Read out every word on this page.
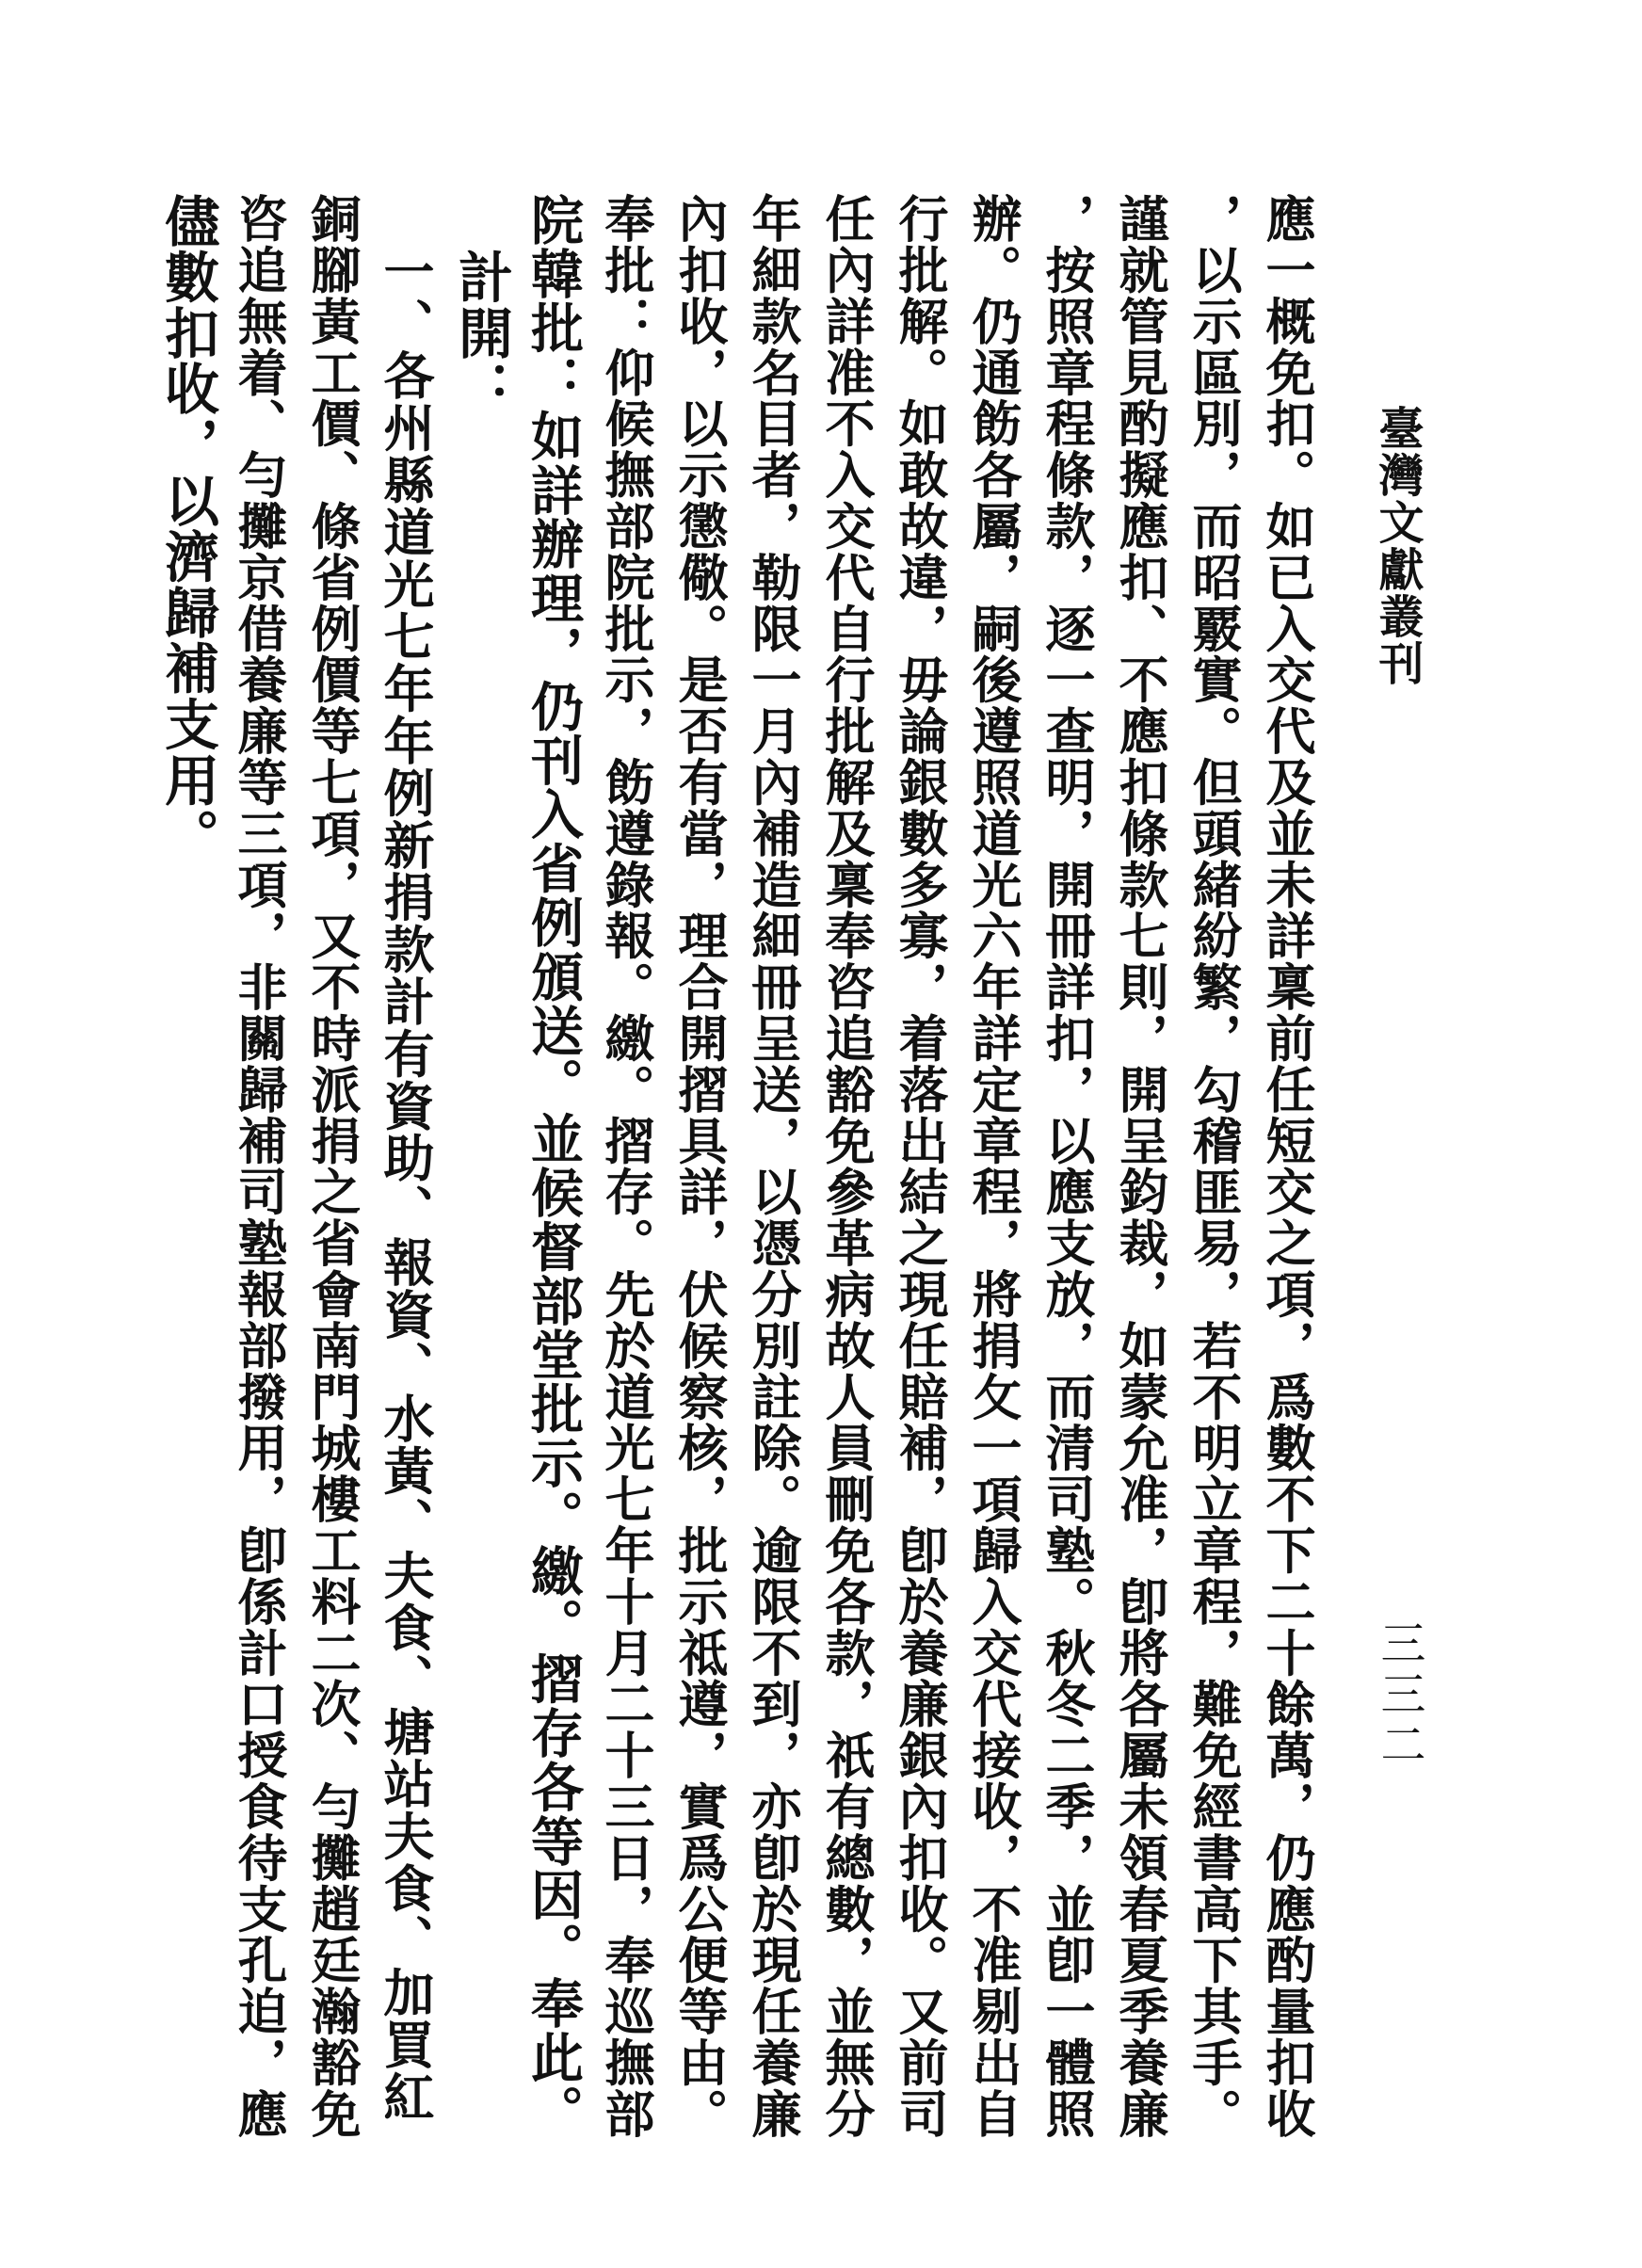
臺灣文獻叢刊
三三二
應一概免扣。如已入交代及並未詳稟前任短交之項，爲數不下二十餘萬，仍應酌量扣收
，以示區別，而昭覈實。但頭緒紛繁，勾稽匪易，若不明立章程，難免經書高下其手。
謹就管見酌擬應扣、不應扣條款七則，開呈鈞裁，如蒙允准，卽將各屬未領春夏季養廉
，按照章程條款，逐一查明，開冊詳扣，以應支放，而清司塾。秋冬二季，並卽一體照
辦。仍通飭各屬，嗣後遵照道光六年詳定章程，將捐攵一項歸入交代接收，不准剔出自
行批解。如敢故違，毋論銀數多寡，着落出結之現任賠補，卽於養廉銀內扣收。又前司
任內詳准不入交代自行批解及稟奉咨追豁免參革病故人員刪免各款，祇有總數，並無分
年細款名目者，勒限一月內補造細冊呈送，以憑分別註除。逾限不到，亦卽於現任養廉
內扣收，以示懲儆。是否有當，理合開摺具詳，伏候察核，批示祗遵，實爲公便等由。
奉批：仰候撫部院批示，飭遵錄報。繳。摺存。先於道光七年十月二十三日，奉巡撫部
院韓批：如詳辦理，仍刊入省例頒送。並候督部堂批示。繳。摺存各等因。奉此。
　計開：
　一、各州縣道光七年年例新捐款計有資助、報資、水黃、夫食、塘站夫食、加買紅
銅腳黃工價、條省例價等七項，又不時派捐之省會南門城樓工料二次、勻攤趙廷瀚豁免
咨追無着、勻攤京借養廉等三項，非關歸補司塾報部撥用，卽係計口授食待支孔迫，應
儘數扣收，以濟歸補支用。
